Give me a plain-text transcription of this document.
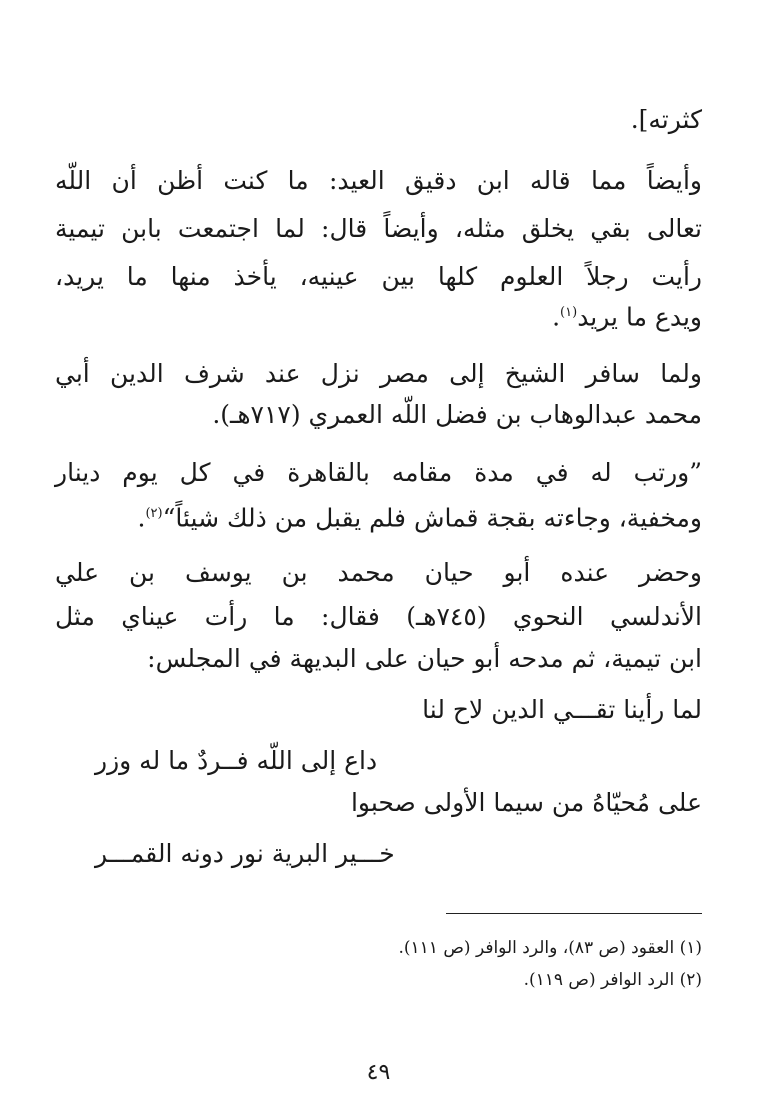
كثرته].
وأيضاً مما قاله ابن دقيق العيد: ما كنت أظن أن اللّه
تعالى بقي يخلق مثله، وأيضاً قال: لما اجتمعت بابن تيمية
رأيت رجلاً العلوم كلها بين عينيه، يأخذ منها ما يريد،
ويدع ما يريد$^{(١)}$.
ولما سافر الشيخ إلى مصر نزل عند شرف الدين أبي
محمد عبدالوهاب بن فضل اللّه العمري (٧١٧هـ).
”ورتب له في مدة مقامه بالقاهرة في كل يوم دينار
ومخفية، وجاءته بقجة قماش فلم يقبل من ذلك شيئاً“$^{(٢)}$.
وحضر عنده أبو حيان محمد بن يوسف بن علي
الأندلسي النحوي (٧٤٥هـ) فقال: ما رأت عيناي مثل
ابن تيمية، ثم مدحه أبو حيان على البديهة في المجلس:
لما رأينا تقـــي الدين لاح لنا
داع إلى اللّه فــردٌ ما له وزر
على مُحيّاهُ من سيما الأولى صحبوا
خـــير البرية نور دونه القمـــر
(١) العقود (ص ٨٣)، والرد الوافر (ص ١١١).
(٢) الرد الوافر (ص ١١٩).
٤٩
